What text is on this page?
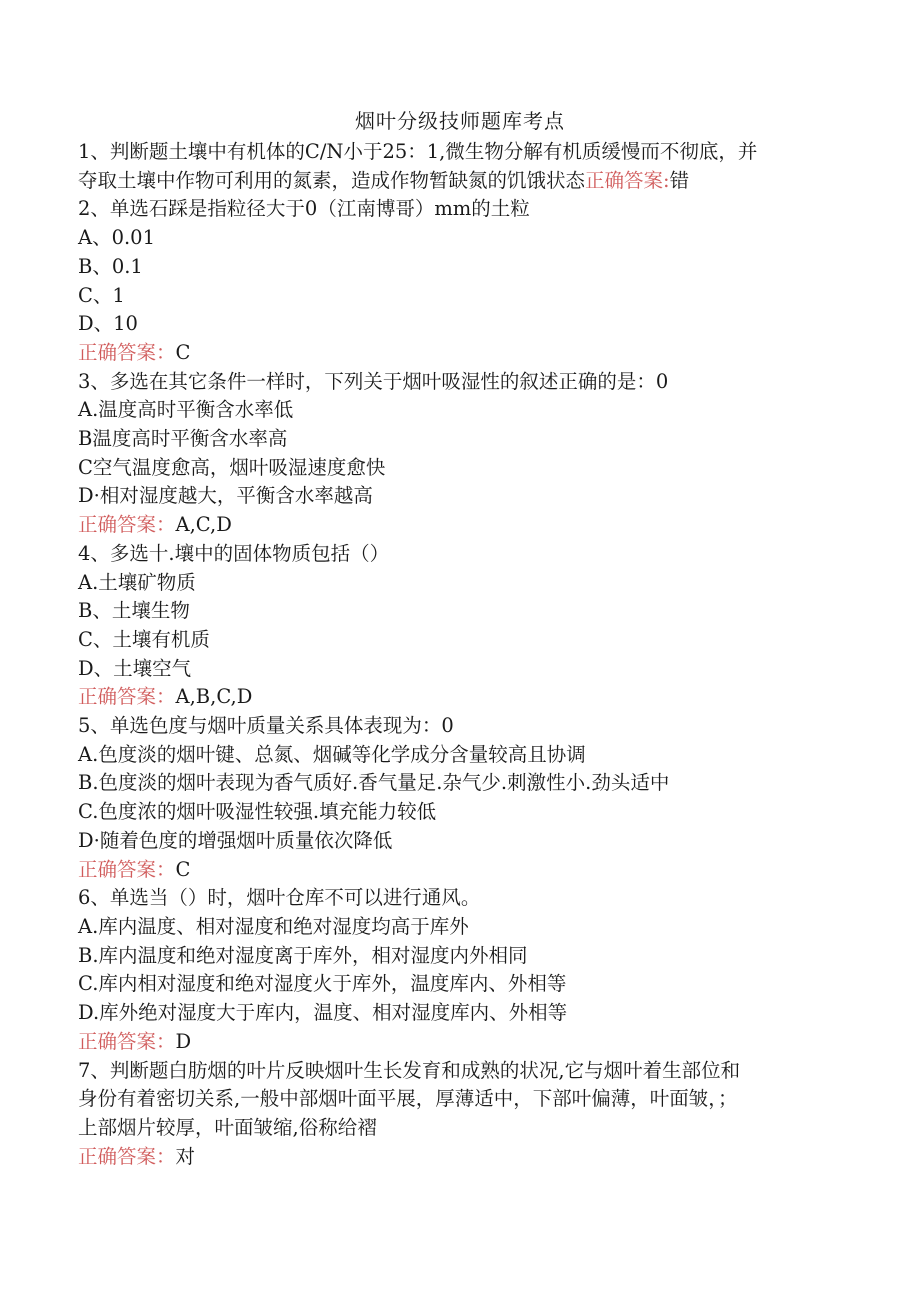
烟叶分级技师题库考点
1、判断题土壤中有机体的C/N小于25：1,微生物分解有机质缓慢而不彻底，并
夺取土壤中作物可利用的氮素，造成作物暂缺氮的饥饿状态正确答案:错
2、单选石踩是指粒径大于0（江南博哥）mm的土粒
A、0.01
B、0.1
C、1
D、10
正确答案：C
3、多选在其它条件一样时，下列关于烟叶吸湿性的叙述正确的是：0
A.温度高时平衡含水率低
B温度高时平衡含水率高
C空气温度愈高，烟叶吸湿速度愈快
D·相对湿度越大，平衡含水率越高
正确答案：A,C,D
4、多选十.壤中的固体物质包括（）
A.土壤矿物质
B、土壤生物
C、土壤有机质
D、土壤空气
正确答案：A,B,C,D
5、单选色度与烟叶质量关系具体表现为：0
A.色度淡的烟叶键、总氮、烟碱等化学成分含量较高且协调
B.色度淡的烟叶表现为香气质好.香气量足.杂气少.刺激性小.劲头适中
C.色度浓的烟叶吸湿性较强.填充能力较低
D·随着色度的增强烟叶质量依次降低
正确答案：C
6、单选当（）时，烟叶仓库不可以进行通风。
A.库内温度、相对湿度和绝对湿度均高于库外
B.库内温度和绝对湿度离于库外，相对湿度内外相同
C.库内相对湿度和绝对湿度火于库外，温度库内、外相等
D.库外绝对湿度大于库内，温度、相对湿度库内、外相等
正确答案：D
7、判断题白肪烟的叶片反映烟叶生长发育和成熟的状况,它与烟叶着生部位和
身份有着密切关系,一般中部烟叶面平展，厚薄适中，下部叶偏薄，叶面皱，；
上部烟片较厚，叶面皱缩,俗称给褶
正确答案：对
